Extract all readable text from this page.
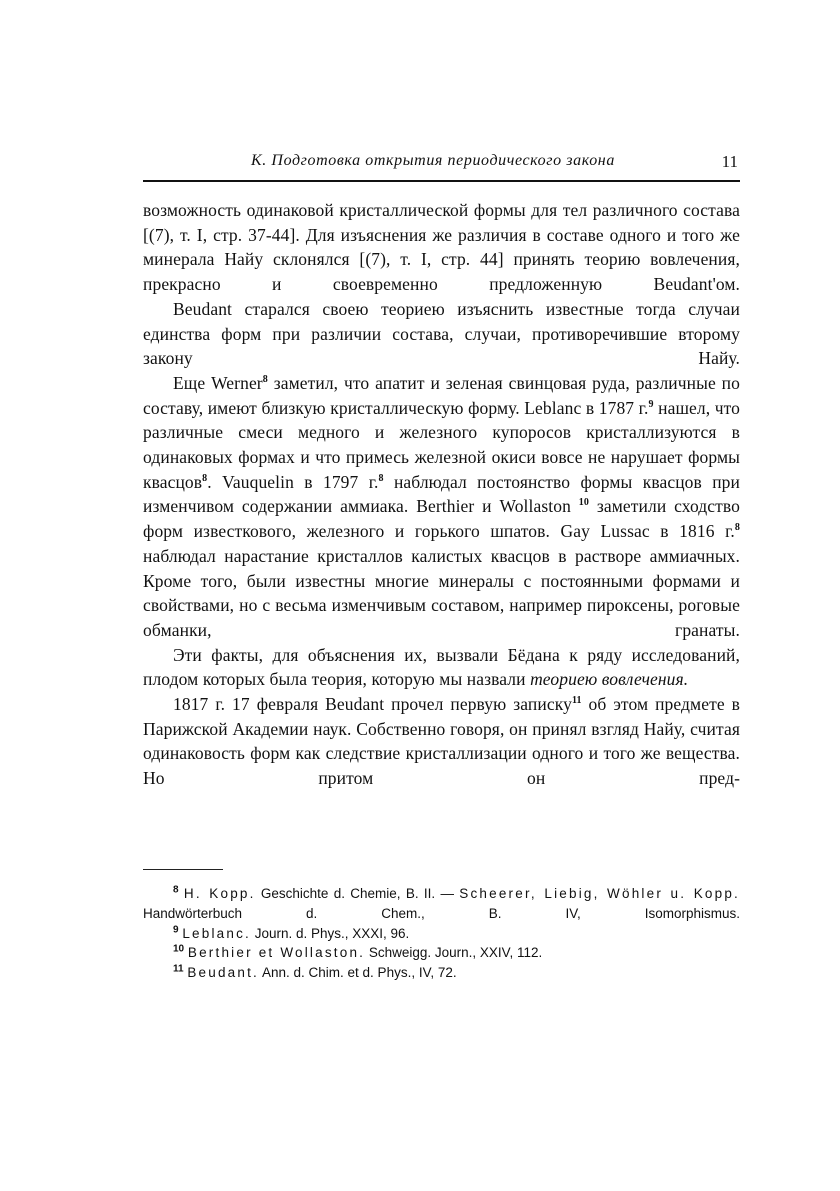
К. Подготовка открытия периодического закона	11

возможность одинаковой кристаллической формы для тел различного состава [(7), т. I, стр. 37-44]. Для изъяснения же различия в составе одного и того же минерала Найу склонялся [(7), т. I, стр. 44] принять теорию вовлечения, прекрасно и своевременно предложенную Beudant'ом.

Beudant старался своею теориею изъяснить известные тогда случаи единства форм при различии состава, случаи, противоречившие второму закону Найу.

Еще Werner$^8$ заметил, что апатит и зеленая свинцовая руда, различные по составу, имеют близкую кристаллическую форму. Leblanc в 1787 г.$^9$ нашел, что различные смеси медного и железного купоросов кристаллизуются в одинаковых формах и что примесь железной окиси вовсе не нарушает формы квасцов$^8$. Vauquelin в 1797 г.$^8$ наблюдал постоянство формы квасцов при изменчивом содержании аммиака. Berthier и Wollaston $^{10}$ заметили сходство форм известкового, железного и горького шпатов. Gay Lussac в 1816 г.$^8$ наблюдал нарастание кристаллов калистых квасцов в растворе аммиачных. Кроме того, были известны многие минералы с постоянными формами и свойствами, но с весьма изменчивым составом, например пироксены, роговые обманки, гранаты.

Эти факты, для объяснения их, вызвали Бёдана к ряду исследований, плодом которых была теория, которую мы назвали теориею вовлечения.

1817 г. 17 февраля Beudant прочел первую записку$^{11}$ об этом предмете в Парижской Академии наук. Собственно говоря, он принял взгляд Найу, считая одинаковость форм как следствие кристаллизации одного и того же вещества. Но притом он пред-

$^8$ H. Kopp. Geschichte d. Chemie, B. II. — Scheerer, Liebig, Wöhler u. Kopp. Handwörterbuch d. Chem., B. IV, Isomorphismus.

$^9$ Leblanc. Journ. d. Phys., XXXI, 96.

$^{10}$ Berthier et Wollaston. Schweigg. Journ., XXIV, 112.

$^{11}$ Beudant. Ann. d. Chim. et d. Phys., IV, 72.
